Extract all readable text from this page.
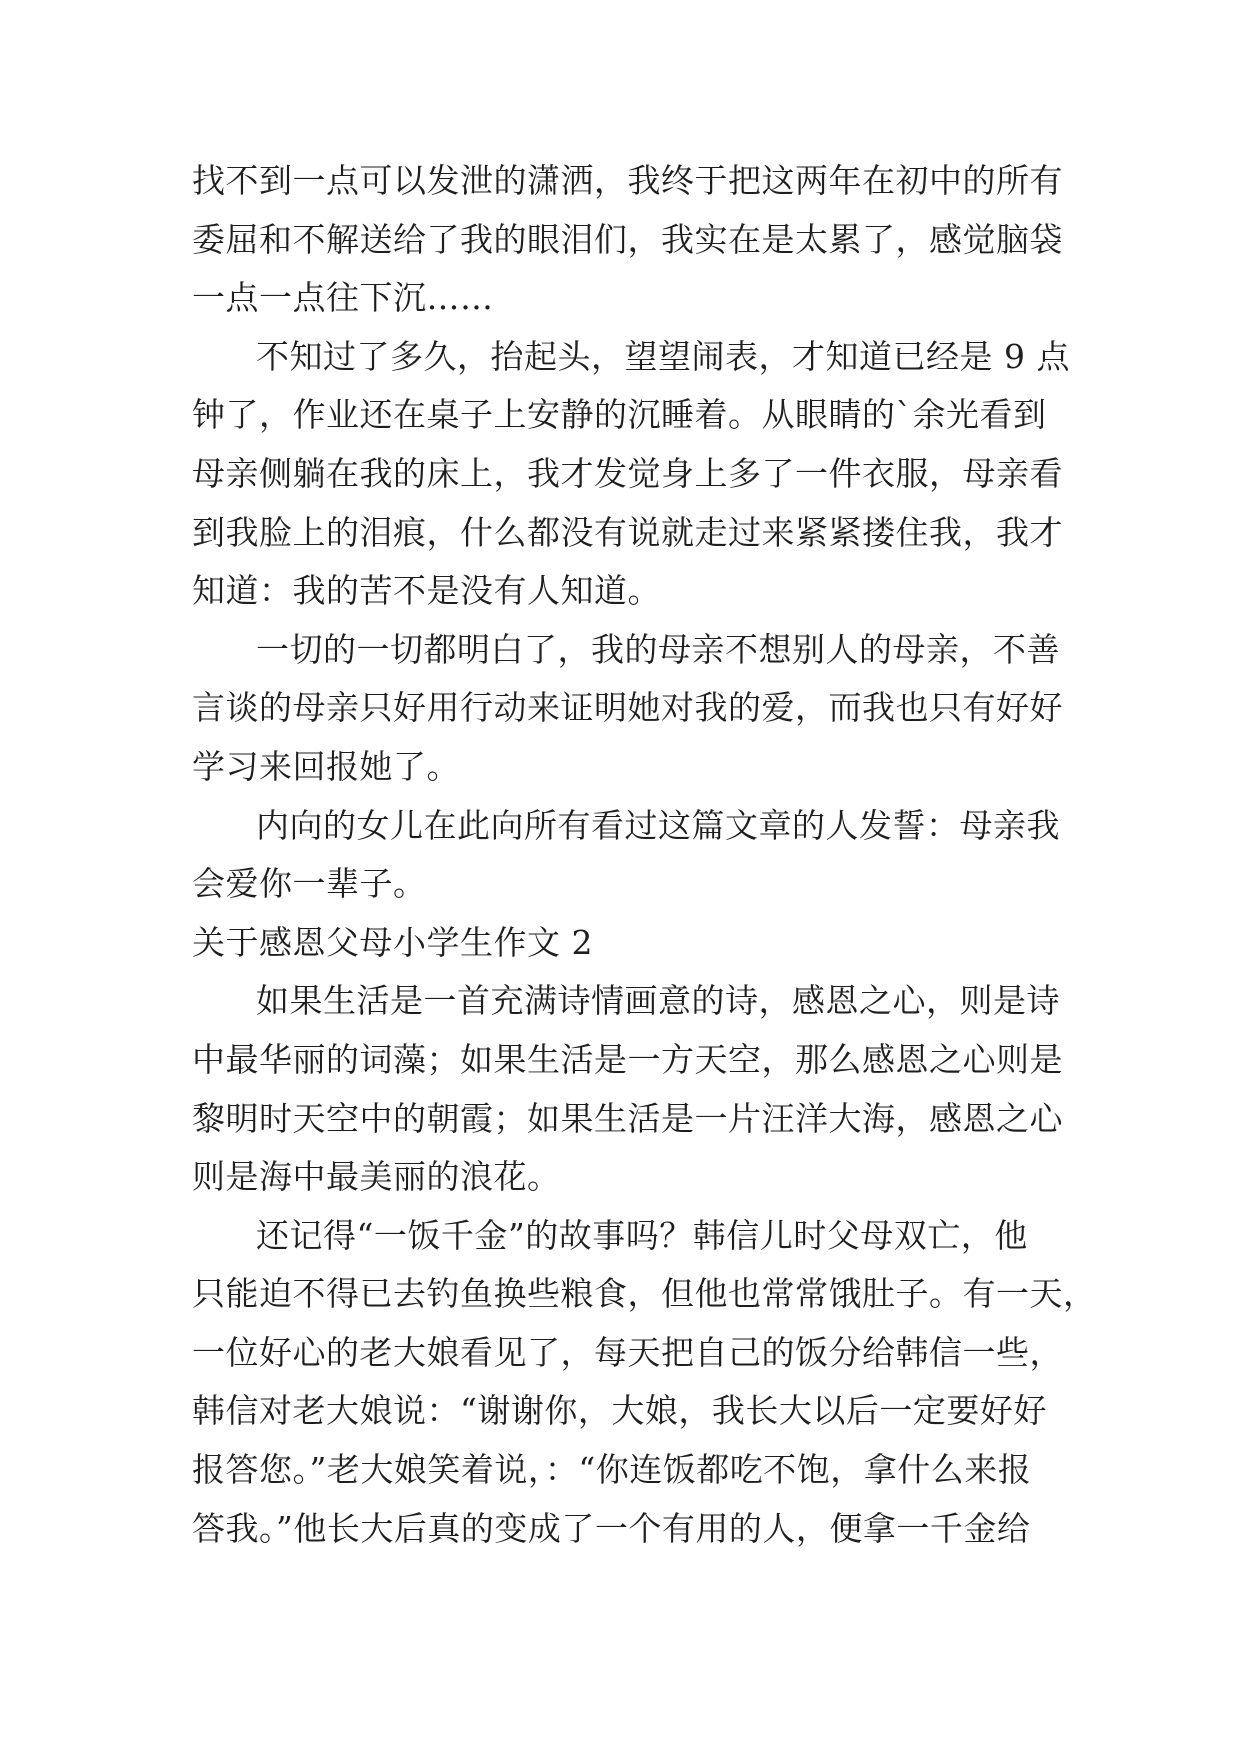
找不到一点可以发泄的潇洒，我终于把这两年在初中的所有
委屈和不解送给了我的眼泪们，我实在是太累了，感觉脑袋
一点一点往下沉……
不知过了多久，抬起头，望望闹表，才知道已经是 9 点
钟了，作业还在桌子上安静的沉睡着。从眼睛的`余光看到
母亲侧躺在我的床上，我才发觉身上多了一件衣服，母亲看
到我脸上的泪痕，什么都没有说就走过来紧紧搂住我，我才
知道：我的苦不是没有人知道。
一切的一切都明白了，我的母亲不想别人的母亲，不善
言谈的母亲只好用行动来证明她对我的爱，而我也只有好好
学习来回报她了。
内向的女儿在此向所有看过这篇文章的人发誓：母亲我
会爱你一辈子。
关于感恩父母小学生作文 2
如果生活是一首充满诗情画意的诗，感恩之心，则是诗
中最华丽的词藻；如果生活是一方天空，那么感恩之心则是
黎明时天空中的朝霞；如果生活是一片汪洋大海，感恩之心
则是海中最美丽的浪花。
还记得“一饭千金”的故事吗？韩信儿时父母双亡，他
只能迫不得已去钓鱼换些粮食，但他也常常饿肚子。有一天，
一位好心的老大娘看见了，每天把自己的饭分给韩信一些，
韩信对老大娘说：“谢谢你，大娘，我长大以后一定要好好
报答您。”老大娘笑着说，：“你连饭都吃不饱，拿什么来报
答我。”他长大后真的变成了一个有用的人，便拿一千金给
